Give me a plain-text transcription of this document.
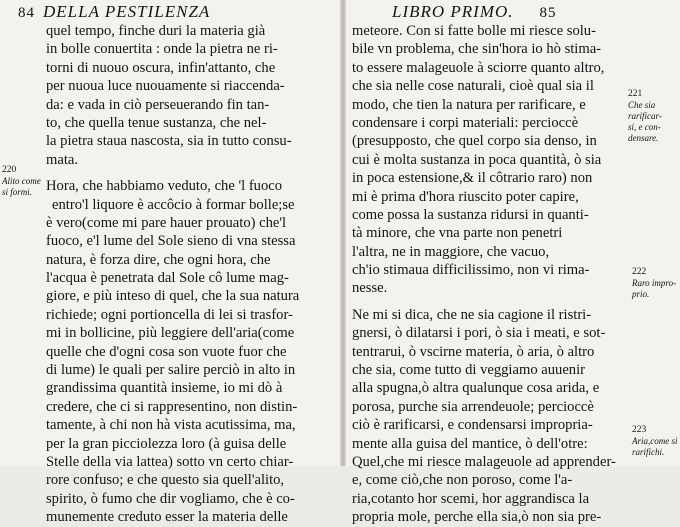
84 DELLA PESTILENZA
quel tempo, finche duri la materia già
in bolle conuertita : onde la pietra ne ri-
torni di nuouo oscura, infin'attanto, che
per nuoua luce nuouamente si riaccenda-
da: e vada in ciò perseuerando fin tan-
to, che quella tenue sustanza, che nel-
la pietra staua nascosta, sia in tutto consu-
mata.
Hora, che habbiamo veduto, che 'l fuoco
entro'l liquore è accôcio à formar bolle;se
è vero(come mi pare hauer prouato) che'l
fuoco, e'l lume del Sole sieno di vna stessa
natura, è forza dire, che ogni hora, che
l'acqua è penetrata dal Sole cô lume mag-
giore, e più inteso di quel, che la sua natura
richiede; ogni portioncella di lei si trasfor-
mi in bollicine, più leggiere dell'aria(come
quelle che d'ogni cosa son vuote fuor che
di lume) le quali per salire perciò in alto in
grandissima quantità insieme, io mi dò à
credere, che ci si rappresentino, non distin-
tamente, à chi non hà vista acutissima, ma,
per la gran picciolezza loro (à guisa delle
Stelle della via lattea) sotto vn certo chiar-
rore confuso; e che questo sia quell'alito,
spirito, ò fumo che dir vogliamo, che è co-
munemente creduto esser la materia delle
220
Alito come
si formi.
LIBRO PRIMO. 85
meteore. Con si fatte bolle mi riesce solu-
bile vn problema, che sin'hora io hò stima-
to essere malageuole à sciorre quanto altro,
che sia nelle cose naturali, cioè qual sia il
modo, che tien la natura per rarificare, e
condensare i corpi materiali: percioccè
(presupposto, che quel corpo sia denso, in
cui è molta sustanza in poca quantità, ò sia
in poca estensione,& il côtrario raro) non
mi è prima d'hora riuscito poter capire,
come possa la sustanza ridursi in quanti-
tà minore, che vna parte non penetri
l'altra, ne in maggiore, che vacuo,
ch'io stimaua difficilissimo, non vi rima-
nesse.
Ne mi si dica, che ne sia cagione il ristri-
gnersi, ò dilatarsi i pori, ò sia i meati, e sot-
tentrarui, ò vscirne materia, ò aria, ò altro
che sia, come tutto di veggiamo auuenir
alla spugna,ò altra qualunque cosa arida, e
porosa, purche sia arrendeuole; percioccè
ciò è rarificarsi, e condensarsi impropria-
mente alla guisa del mantice, ò dell'otre:
Quel,che mi riesce malageuole ad apprender-
e, come ciò,che non poroso, come l'a-
ria,cotanto hor scemi, hor aggrandisca la
propria mole, perche ella sia,ò non sia pre-
221
Che sia
rarificar-
si, e con-
densare.
222
Raro impro-
prio.
223
Aria,come si
rarifichi.
